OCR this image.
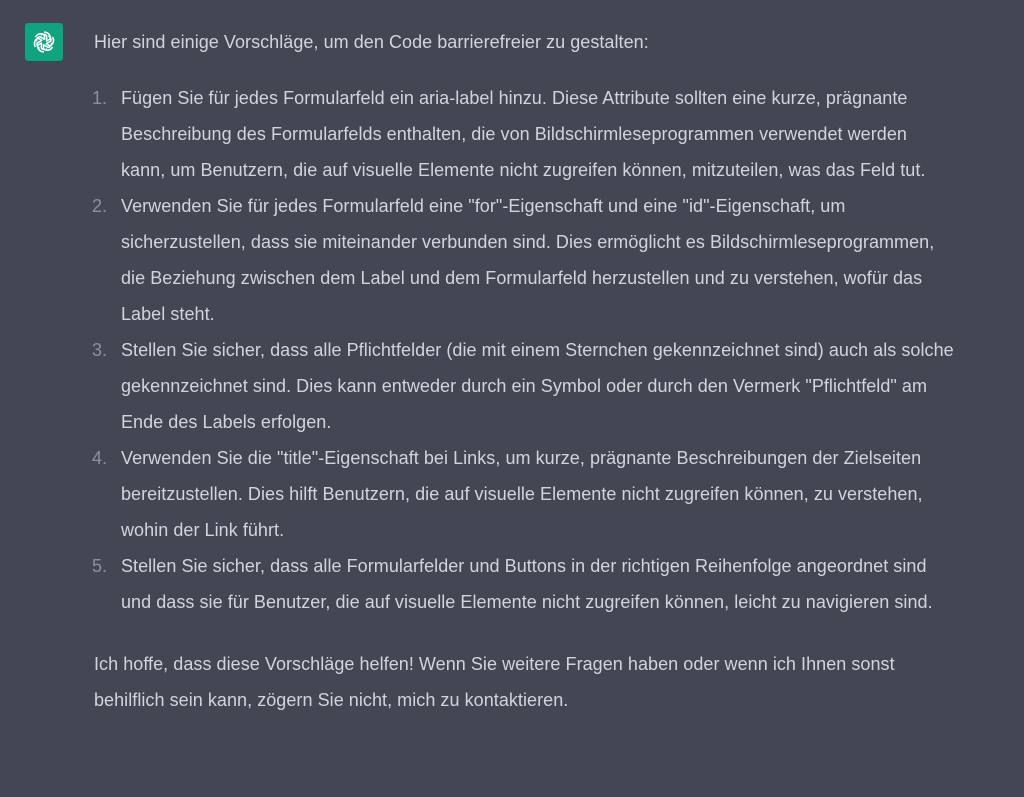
Hier sind einige Vorschläge, um den Code barrierefreier zu gestalten:

1. Fügen Sie für jedes Formularfeld ein aria-label hinzu. Diese Attribute sollten eine kurze, prägnante Beschreibung des Formularfelds enthalten, die von Bildschirmleseprogrammen verwendet werden kann, um Benutzern, die auf visuelle Elemente nicht zugreifen können, mitzuteilen, was das Feld tut.
2. Verwenden Sie für jedes Formularfeld eine "for"-Eigenschaft und eine "id"-Eigenschaft, um sicherzustellen, dass sie miteinander verbunden sind. Dies ermöglicht es Bildschirmleseprogrammen, die Beziehung zwischen dem Label und dem Formularfeld herzustellen und zu verstehen, wofür das Label steht.
3. Stellen Sie sicher, dass alle Pflichtfelder (die mit einem Sternchen gekennzeichnet sind) auch als solche gekennzeichnet sind. Dies kann entweder durch ein Symbol oder durch den Vermerk "Pflichtfeld" am Ende des Labels erfolgen.
4. Verwenden Sie die "title"-Eigenschaft bei Links, um kurze, prägnante Beschreibungen der Zielseiten bereitzustellen. Dies hilft Benutzern, die auf visuelle Elemente nicht zugreifen können, zu verstehen, wohin der Link führt.
5. Stellen Sie sicher, dass alle Formularfelder und Buttons in der richtigen Reihenfolge angeordnet sind und dass sie für Benutzer, die auf visuelle Elemente nicht zugreifen können, leicht zu navigieren sind.

Ich hoffe, dass diese Vorschläge helfen! Wenn Sie weitere Fragen haben oder wenn ich Ihnen sonst behilflich sein kann, zögern Sie nicht, mich zu kontaktieren.
